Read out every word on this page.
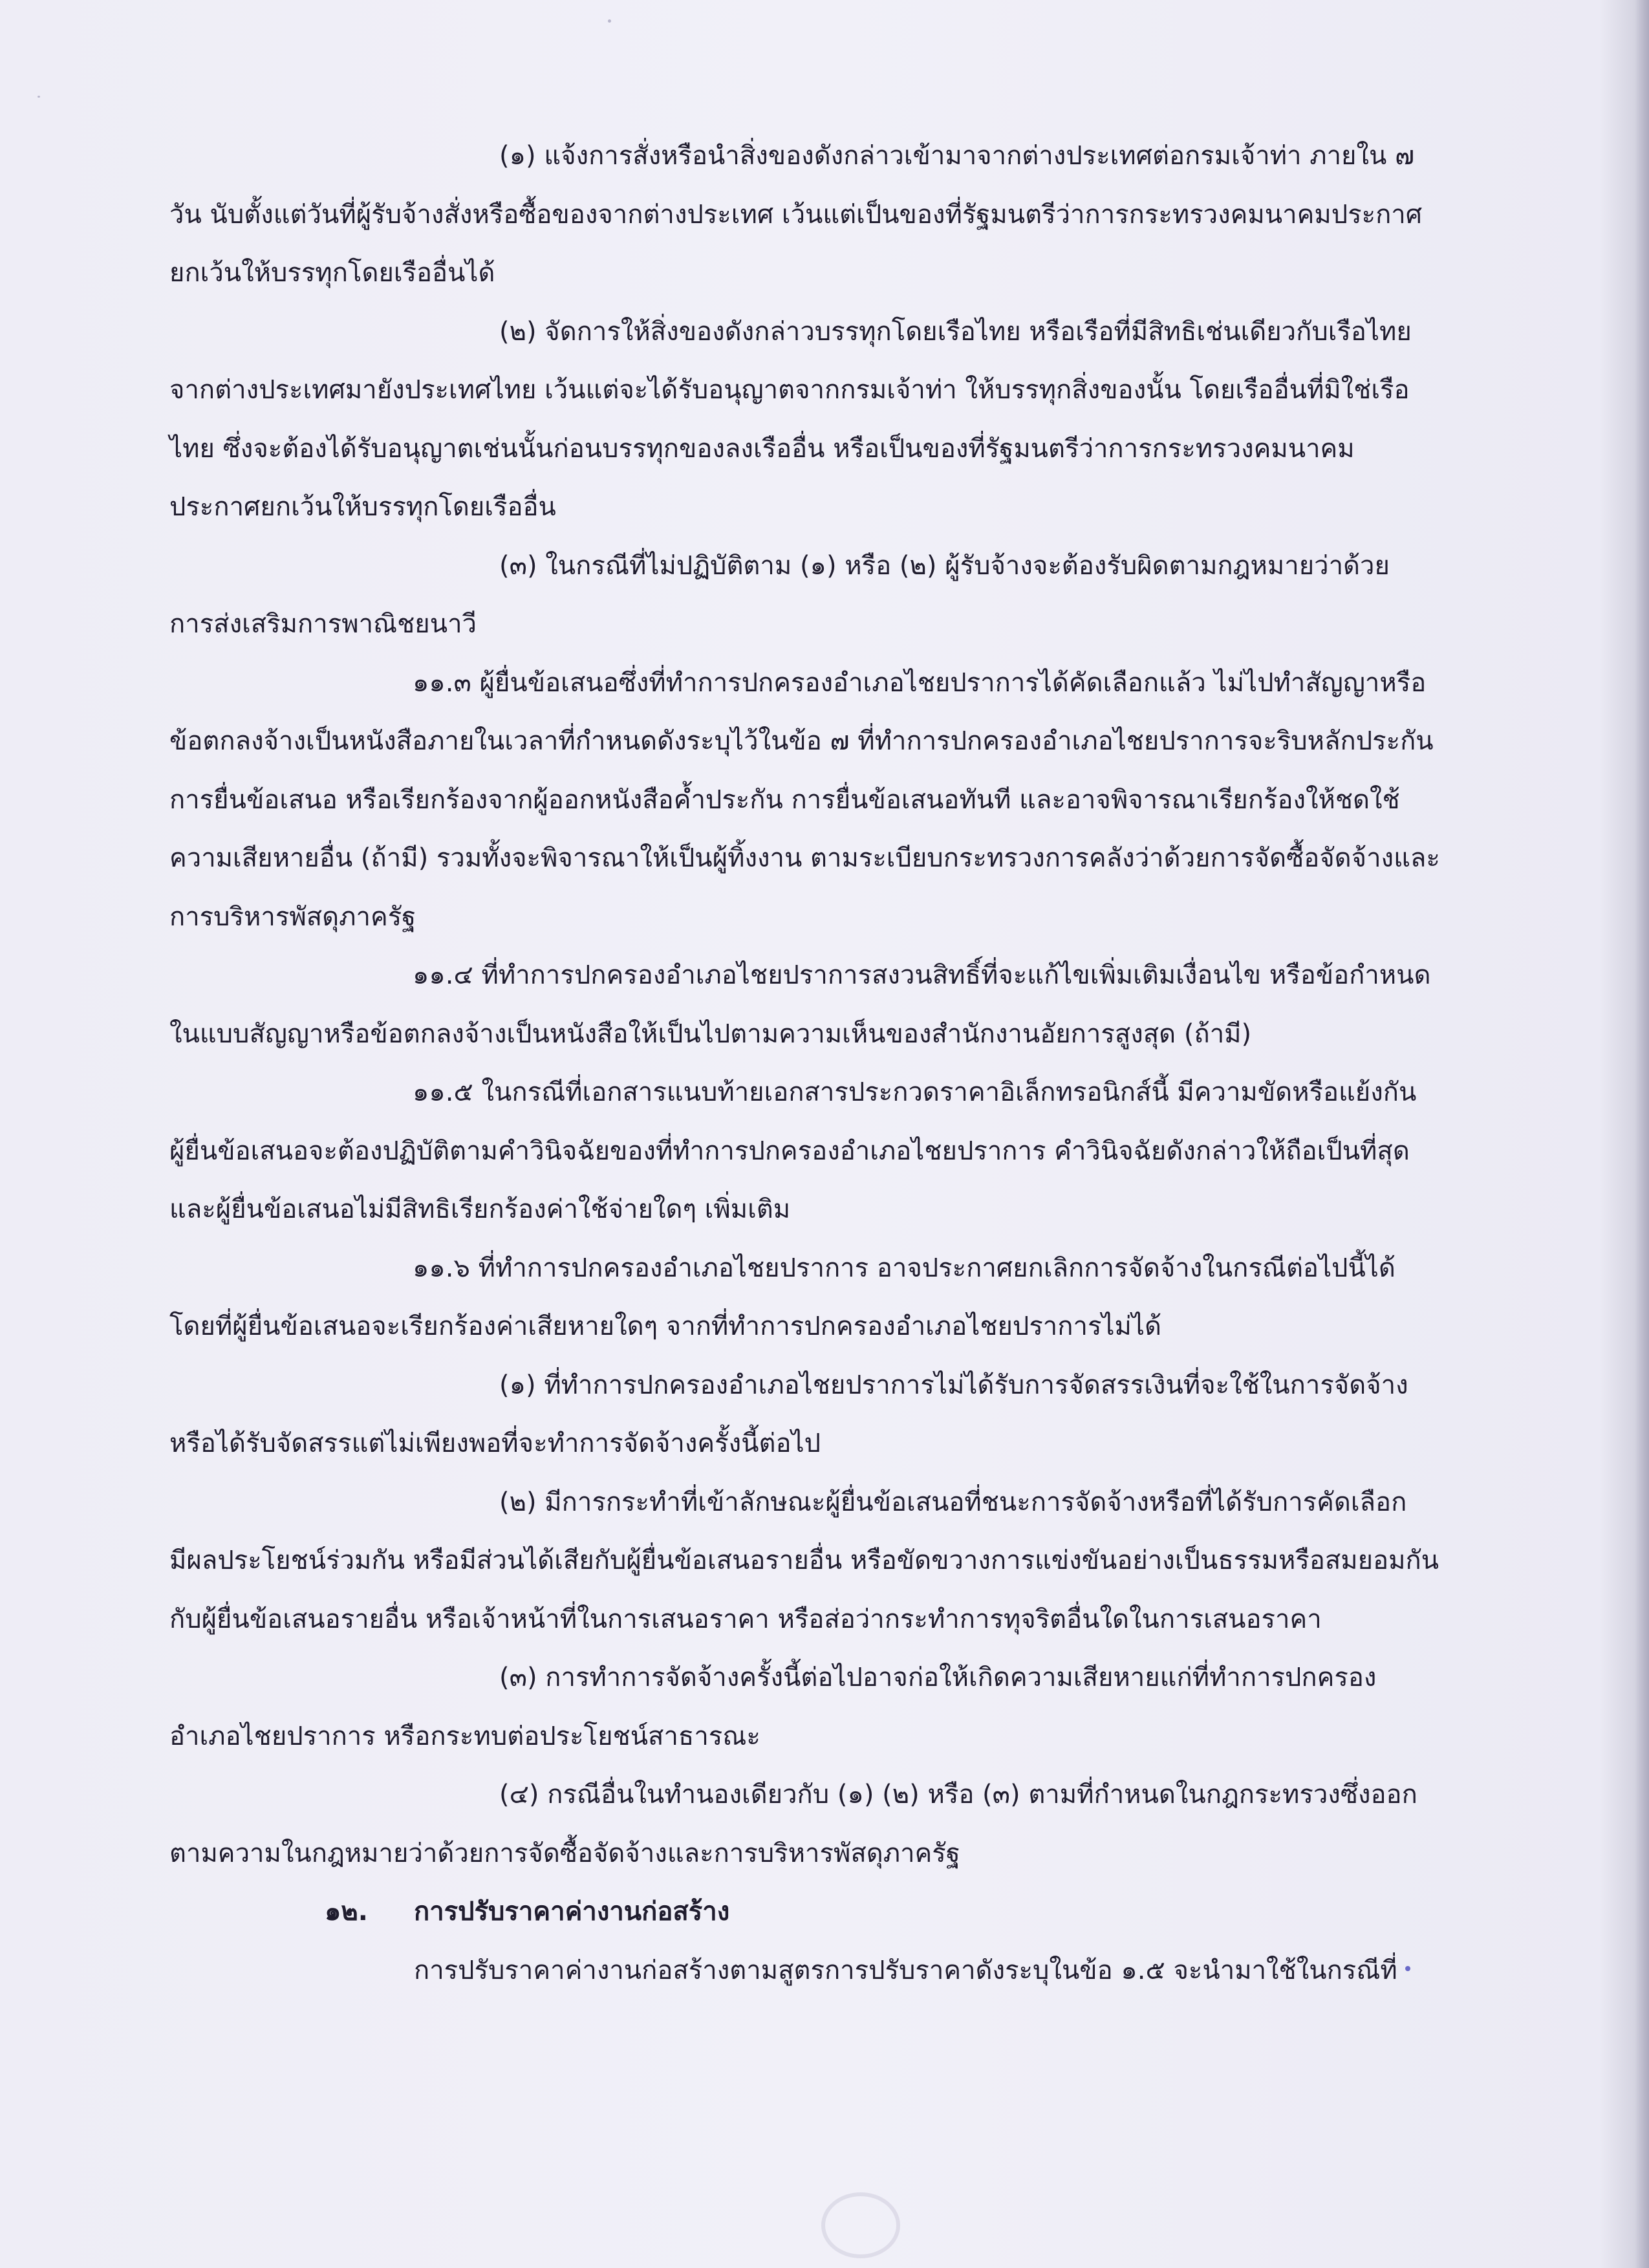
(๑) แจ้งการสั่งหรือนำสิ่งของดังกล่าวเข้ามาจากต่างประเทศต่อกรมเจ้าท่า ภายใน ๗
วัน นับตั้งแต่วันที่ผู้รับจ้างสั่งหรือซื้อของจากต่างประเทศ เว้นแต่เป็นของที่รัฐมนตรีว่าการกระทรวงคมนาคมประกาศ
ยกเว้นให้บรรทุกโดยเรืออื่นได้
(๒) จัดการให้สิ่งของดังกล่าวบรรทุกโดยเรือไทย หรือเรือที่มีสิทธิเช่นเดียวกับเรือไทย
จากต่างประเทศมายังประเทศไทย เว้นแต่จะได้รับอนุญาตจากกรมเจ้าท่า ให้บรรทุกสิ่งของนั้น โดยเรืออื่นที่มิใช่เรือ
ไทย ซึ่งจะต้องได้รับอนุญาตเช่นนั้นก่อนบรรทุกของลงเรืออื่น หรือเป็นของที่รัฐมนตรีว่าการกระทรวงคมนาคม
ประกาศยกเว้นให้บรรทุกโดยเรืออื่น
(๓) ในกรณีที่ไม่ปฏิบัติตาม (๑) หรือ (๒) ผู้รับจ้างจะต้องรับผิดตามกฎหมายว่าด้วย
การส่งเสริมการพาณิชยนาวี
๑๑.๓ ผู้ยื่นข้อเสนอซึ่งที่ทำการปกครองอำเภอไชยปราการได้คัดเลือกแล้ว ไม่ไปทำสัญญาหรือ
ข้อตกลงจ้างเป็นหนังสือภายในเวลาที่กำหนดดังระบุไว้ในข้อ ๗ ที่ทำการปกครองอำเภอไชยปราการจะริบหลักประกัน
การยื่นข้อเสนอ หรือเรียกร้องจากผู้ออกหนังสือค้ำประกัน การยื่นข้อเสนอทันที และอาจพิจารณาเรียกร้องให้ชดใช้
ความเสียหายอื่น (ถ้ามี) รวมทั้งจะพิจารณาให้เป็นผู้ทิ้งงาน ตามระเบียบกระทรวงการคลังว่าด้วยการจัดซื้อจัดจ้างและ
การบริหารพัสดุภาครัฐ
๑๑.๔ ที่ทำการปกครองอำเภอไชยปราการสงวนสิทธิ์ที่จะแก้ไขเพิ่มเติมเงื่อนไข หรือข้อกำหนด
ในแบบสัญญาหรือข้อตกลงจ้างเป็นหนังสือให้เป็นไปตามความเห็นของสำนักงานอัยการสูงสุด (ถ้ามี)
๑๑.๕ ในกรณีที่เอกสารแนบท้ายเอกสารประกวดราคาอิเล็กทรอนิกส์นี้ มีความขัดหรือแย้งกัน
ผู้ยื่นข้อเสนอจะต้องปฏิบัติตามคำวินิจฉัยของที่ทำการปกครองอำเภอไชยปราการ คำวินิจฉัยดังกล่าวให้ถือเป็นที่สุด
และผู้ยื่นข้อเสนอไม่มีสิทธิเรียกร้องค่าใช้จ่ายใดๆ เพิ่มเติม
๑๑.๖ ที่ทำการปกครองอำเภอไชยปราการ อาจประกาศยกเลิกการจัดจ้างในกรณีต่อไปนี้ได้
โดยที่ผู้ยื่นข้อเสนอจะเรียกร้องค่าเสียหายใดๆ จากที่ทำการปกครองอำเภอไชยปราการไม่ได้
(๑) ที่ทำการปกครองอำเภอไชยปราการไม่ได้รับการจัดสรรเงินที่จะใช้ในการจัดจ้าง
หรือได้รับจัดสรรแต่ไม่เพียงพอที่จะทำการจัดจ้างครั้งนี้ต่อไป
(๒) มีการกระทำที่เข้าลักษณะผู้ยื่นข้อเสนอที่ชนะการจัดจ้างหรือที่ได้รับการคัดเลือก
มีผลประโยชน์ร่วมกัน หรือมีส่วนได้เสียกับผู้ยื่นข้อเสนอรายอื่น หรือขัดขวางการแข่งขันอย่างเป็นธรรมหรือสมยอมกัน
กับผู้ยื่นข้อเสนอรายอื่น หรือเจ้าหน้าที่ในการเสนอราคา หรือส่อว่ากระทำการทุจริตอื่นใดในการเสนอราคา
(๓) การทำการจัดจ้างครั้งนี้ต่อไปอาจก่อให้เกิดความเสียหายแก่ที่ทำการปกครอง
อำเภอไชยปราการ หรือกระทบต่อประโยชน์สาธารณะ
(๔) กรณีอื่นในทำนองเดียวกับ (๑) (๒) หรือ (๓) ตามที่กำหนดในกฎกระทรวงซึ่งออก
ตามความในกฎหมายว่าด้วยการจัดซื้อจัดจ้างและการบริหารพัสดุภาครัฐ
๑๒. การปรับราคาค่างานก่อสร้าง
การปรับราคาค่างานก่อสร้างตามสูตรการปรับราคาดังระบุในข้อ ๑.๕ จะนำมาใช้ในกรณีที่
